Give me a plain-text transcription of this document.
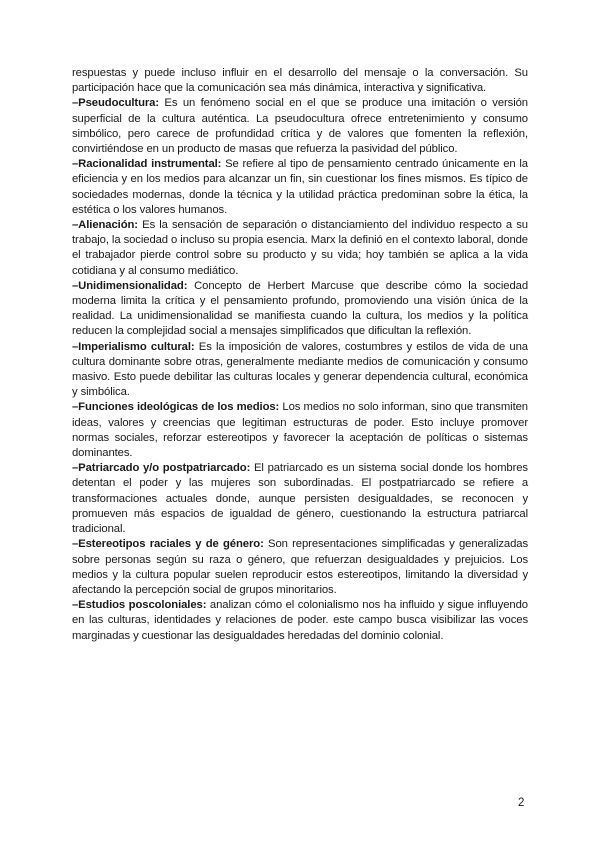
respuestas y puede incluso influir en el desarrollo del mensaje o la conversación. Su participación hace que la comunicación sea más dinámica, interactiva y significativa.

–Pseudocultura: Es un fenómeno social en el que se produce una imitación o versión superficial de la cultura auténtica. La pseudocultura ofrece entretenimiento y consumo simbólico, pero carece de profundidad crítica y de valores que fomenten la reflexión, convirtiéndose en un producto de masas que refuerza la pasividad del público.

–Racionalidad instrumental: Se refiere al tipo de pensamiento centrado únicamente en la eficiencia y en los medios para alcanzar un fin, sin cuestionar los fines mismos. Es típico de sociedades modernas, donde la técnica y la utilidad práctica predominan sobre la ética, la estética o los valores humanos.

–Alienación: Es la sensación de separación o distanciamiento del individuo respecto a su trabajo, la sociedad o incluso su propia esencia. Marx la definió en el contexto laboral, donde el trabajador pierde control sobre su producto y su vida; hoy también se aplica a la vida cotidiana y al consumo mediático.

–Unidimensionalidad: Concepto de Herbert Marcuse que describe cómo la sociedad moderna limita la crítica y el pensamiento profundo, promoviendo una visión única de la realidad. La unidimensionalidad se manifiesta cuando la cultura, los medios y la política reducen la complejidad social a mensajes simplificados que dificultan la reflexión.

–Imperialismo cultural: Es la imposición de valores, costumbres y estilos de vida de una cultura dominante sobre otras, generalmente mediante medios de comunicación y consumo masivo. Esto puede debilitar las culturas locales y generar dependencia cultural, económica y simbólica.

–Funciones ideológicas de los medios: Los medios no solo informan, sino que transmiten ideas, valores y creencias que legitiman estructuras de poder. Esto incluye promover normas sociales, reforzar estereotipos y favorecer la aceptación de políticas o sistemas dominantes.

–Patriarcado y/o postpatriarcado: El patriarcado es un sistema social donde los hombres detentan el poder y las mujeres son subordinadas. El postpatriarcado se refiere a transformaciones actuales donde, aunque persisten desigualdades, se reconocen y promueven más espacios de igualdad de género, cuestionando la estructura patriarcal tradicional.

–Estereotipos raciales y de género: Son representaciones simplificadas y generalizadas sobre personas según su raza o género, que refuerzan desigualdades y prejuicios. Los medios y la cultura popular suelen reproducir estos estereotipos, limitando la diversidad y afectando la percepción social de grupos minoritarios.

–Estudios poscoloniales: analizan cómo el colonialismo nos ha influido y sigue influyendo en las culturas, identidades y relaciones de poder. este campo busca visibilizar las voces marginadas y cuestionar las desigualdades heredadas del dominio colonial.

2
